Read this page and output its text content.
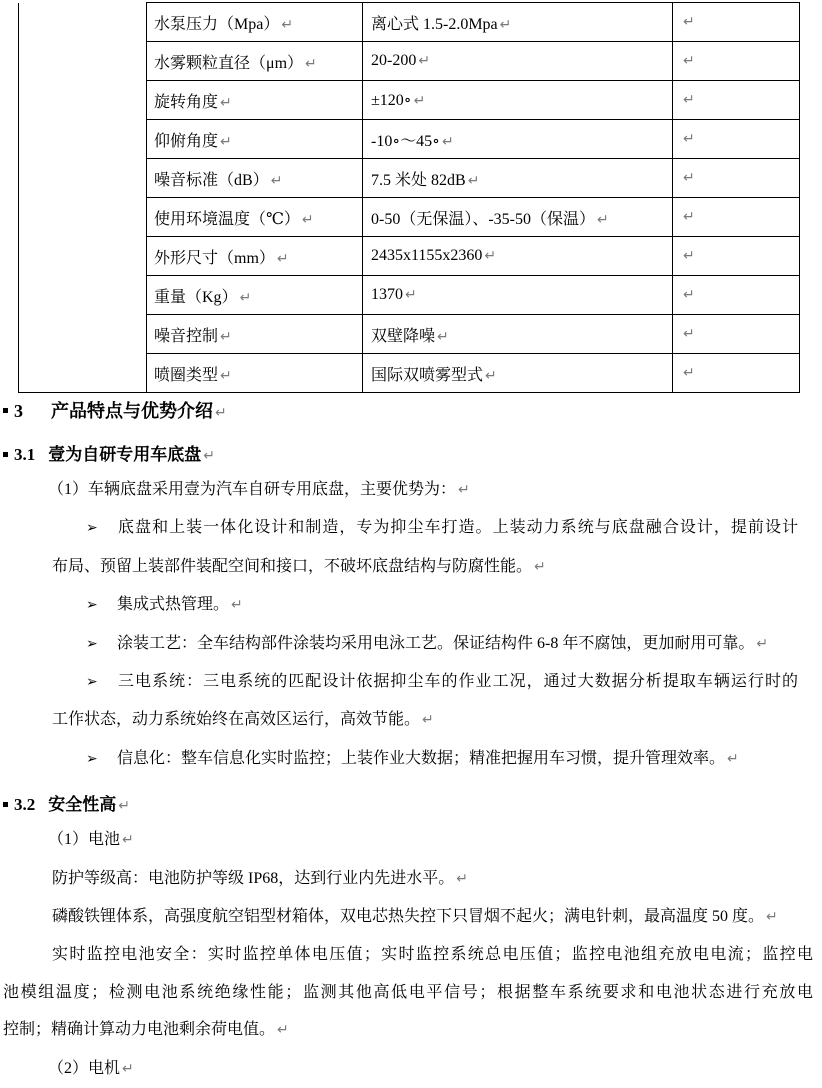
	水泵压力（Mpa） ↵	离心式 1.5-2.0Mpa ↵	↵
	水雾颗粒直径（μm） ↵	20-200 ↵	↵
	旋转角度 ↵	±120∘ ↵	↵
	仰俯角度 ↵	-10∘～45∘ ↵	↵
	噪音标准（dB） ↵	7.5 米处 82dB ↵	↵
	使用环境温度（℃） ↵	0-50（无保温）、-35-50（保温） ↵	↵
	外形尺寸（mm） ↵	2435x1155x2360 ↵	↵
	重量（Kg） ↵	1370 ↵	↵
	噪音控制 ↵	双壁降噪 ↵	↵
	喷圈类型 ↵	国际双喷雾型式 ↵	↵
3 产品特点与优势介绍 ↵
3.1 壹为自研专用车底盘 ↵
（1）车辆底盘采用壹为汽车自研专用底盘，主要优势为： ↵
➢ 底盘和上装一体化设计和制造，专为抑尘车打造。上装动力系统与底盘融合设计，提前设计
布局、预留上装部件装配空间和接口，不破坏底盘结构与防腐性能。 ↵
➢ 集成式热管理。 ↵
➢ 涂装工艺：全车结构部件涂装均采用电泳工艺。保证结构件 6-8 年不腐蚀，更加耐用可靠。 ↵
➢ 三电系统：三电系统的匹配设计依据抑尘车的作业工况，通过大数据分析提取车辆运行时的
工作状态，动力系统始终在高效区运行，高效节能。 ↵
➢ 信息化：整车信息化实时监控；上装作业大数据；精准把握用车习惯，提升管理效率。 ↵
3.2 安全性高 ↵
（1）电池 ↵
防护等级高：电池防护等级 IP68，达到行业内先进水平。 ↵
磷酸铁锂体系，高强度航空铝型材箱体，双电芯热失控下只冒烟不起火；满电针刺，最高温度 50 度。 ↵
实时监控电池安全：实时监控单体电压值；实时监控系统总电压值；监控电池组充放电电流；监控电
池模组温度；检测电池系统绝缘性能；监测其他高低电平信号；根据整车系统要求和电池状态进行充放电
控制；精确计算动力电池剩余荷电值。 ↵
（2）电机 ↵
